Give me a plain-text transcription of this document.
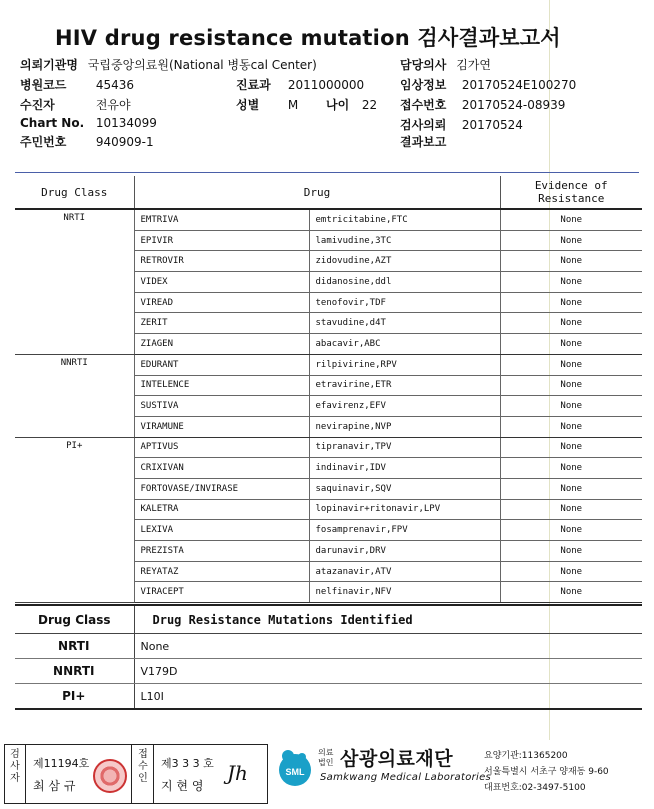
HIV drug resistance mutation 검사결과보고서
의뢰기관명 국립중앙의료원(National 병동cal Center)	담당의사 김가연
병원코드 45436	진료과 2011000000	임상정보 20170524E100270
수진자	전유야	성별 M 나이 22 접수번호 20170524-08939
Chart No. 10134099	검사의뢰 20170524
주민번호 940909-1	결과보고
Drug Class	Drug		Evidence of Resistance
NRTI	EMTRIVA	emtricitabine,FTC	None
	EPIVIR	lamivudine,3TC	None
	RETROVIR	zidovudine,AZT	None
	VIDEX	didanosine,ddl	None
	VIREAD	tenofovir,TDF	None
	ZERIT	stavudine,d4T	None
	ZIAGEN	abacavir,ABC	None
NNRTI	EDURANT	rilpivirine,RPV	None
	INTELENCE	etravirine,ETR	None
	SUSTIVA	efavirenz,EFV	None
	VIRAMUNE	nevirapine,NVP	None
PI+	APTIVUS	tipranavir,TPV	None
	CRIXIVAN	indinavir,IDV	None
	FORTOVASE/INVIRASE	saquinavir,SQV	None
	KALETRA	lopinavir+ritonavir,LPV	None
	LEXIVA	fosamprenavir,FPV	None
	PREZISTA	darunavir,DRV	None
	REYATAZ	atazanavir,ATV	None
	VIRACEPT	nelfinavir,NFV	None
Drug Class	Drug Resistance Mutations Identified
NRTI	None
NNRTI	V179D
PI+	L10I
검사자
제11194호
최 삼 규
접수인
제3 3 3 호
지 현 영
Jh	SML
의료법인 삼광의료재단
Samkwang Medical Laboratories
요양기관:11365200
서울특별시 서초구 양재동 9-60
대표번호:02-3497-5100
